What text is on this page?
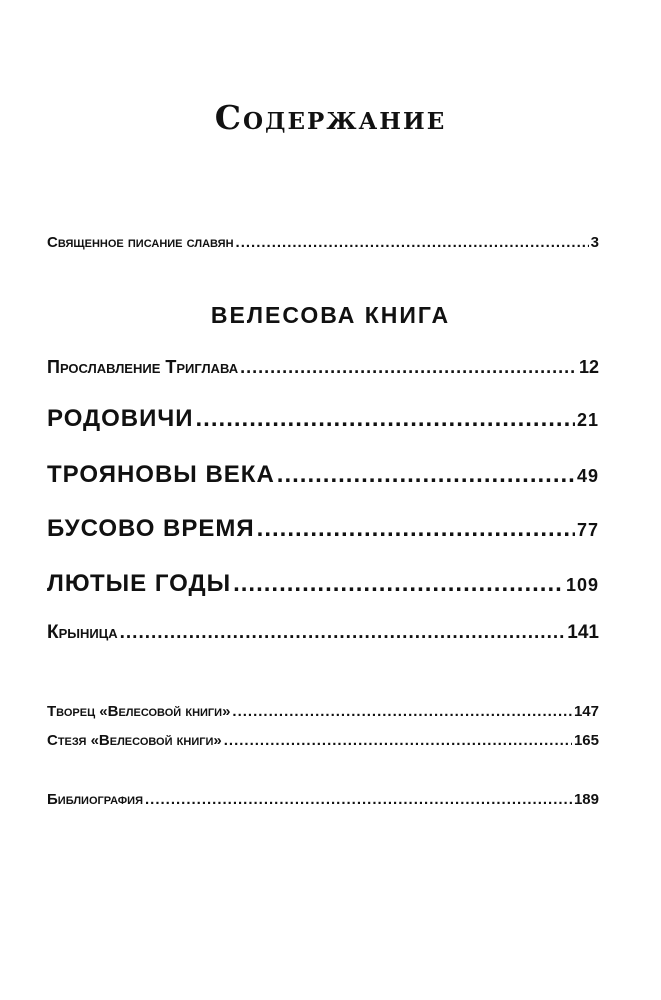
Содержание
Священное писание славян .....	3
ВЕЛЕСОВА КНИГА
Прославление Триглава .....	12
РОДОВИЧИ .....	21
ТРОЯНОВЫ ВЕКА .....	49
БУСОВО ВРЕМЯ .....	77
ЛЮТЫЕ ГОДЫ .....	109
Крыница .....	141
Творец «Велесовой книги» .....	147
Стезя «Велесовой книги» .....	165
Библиография .....	189
